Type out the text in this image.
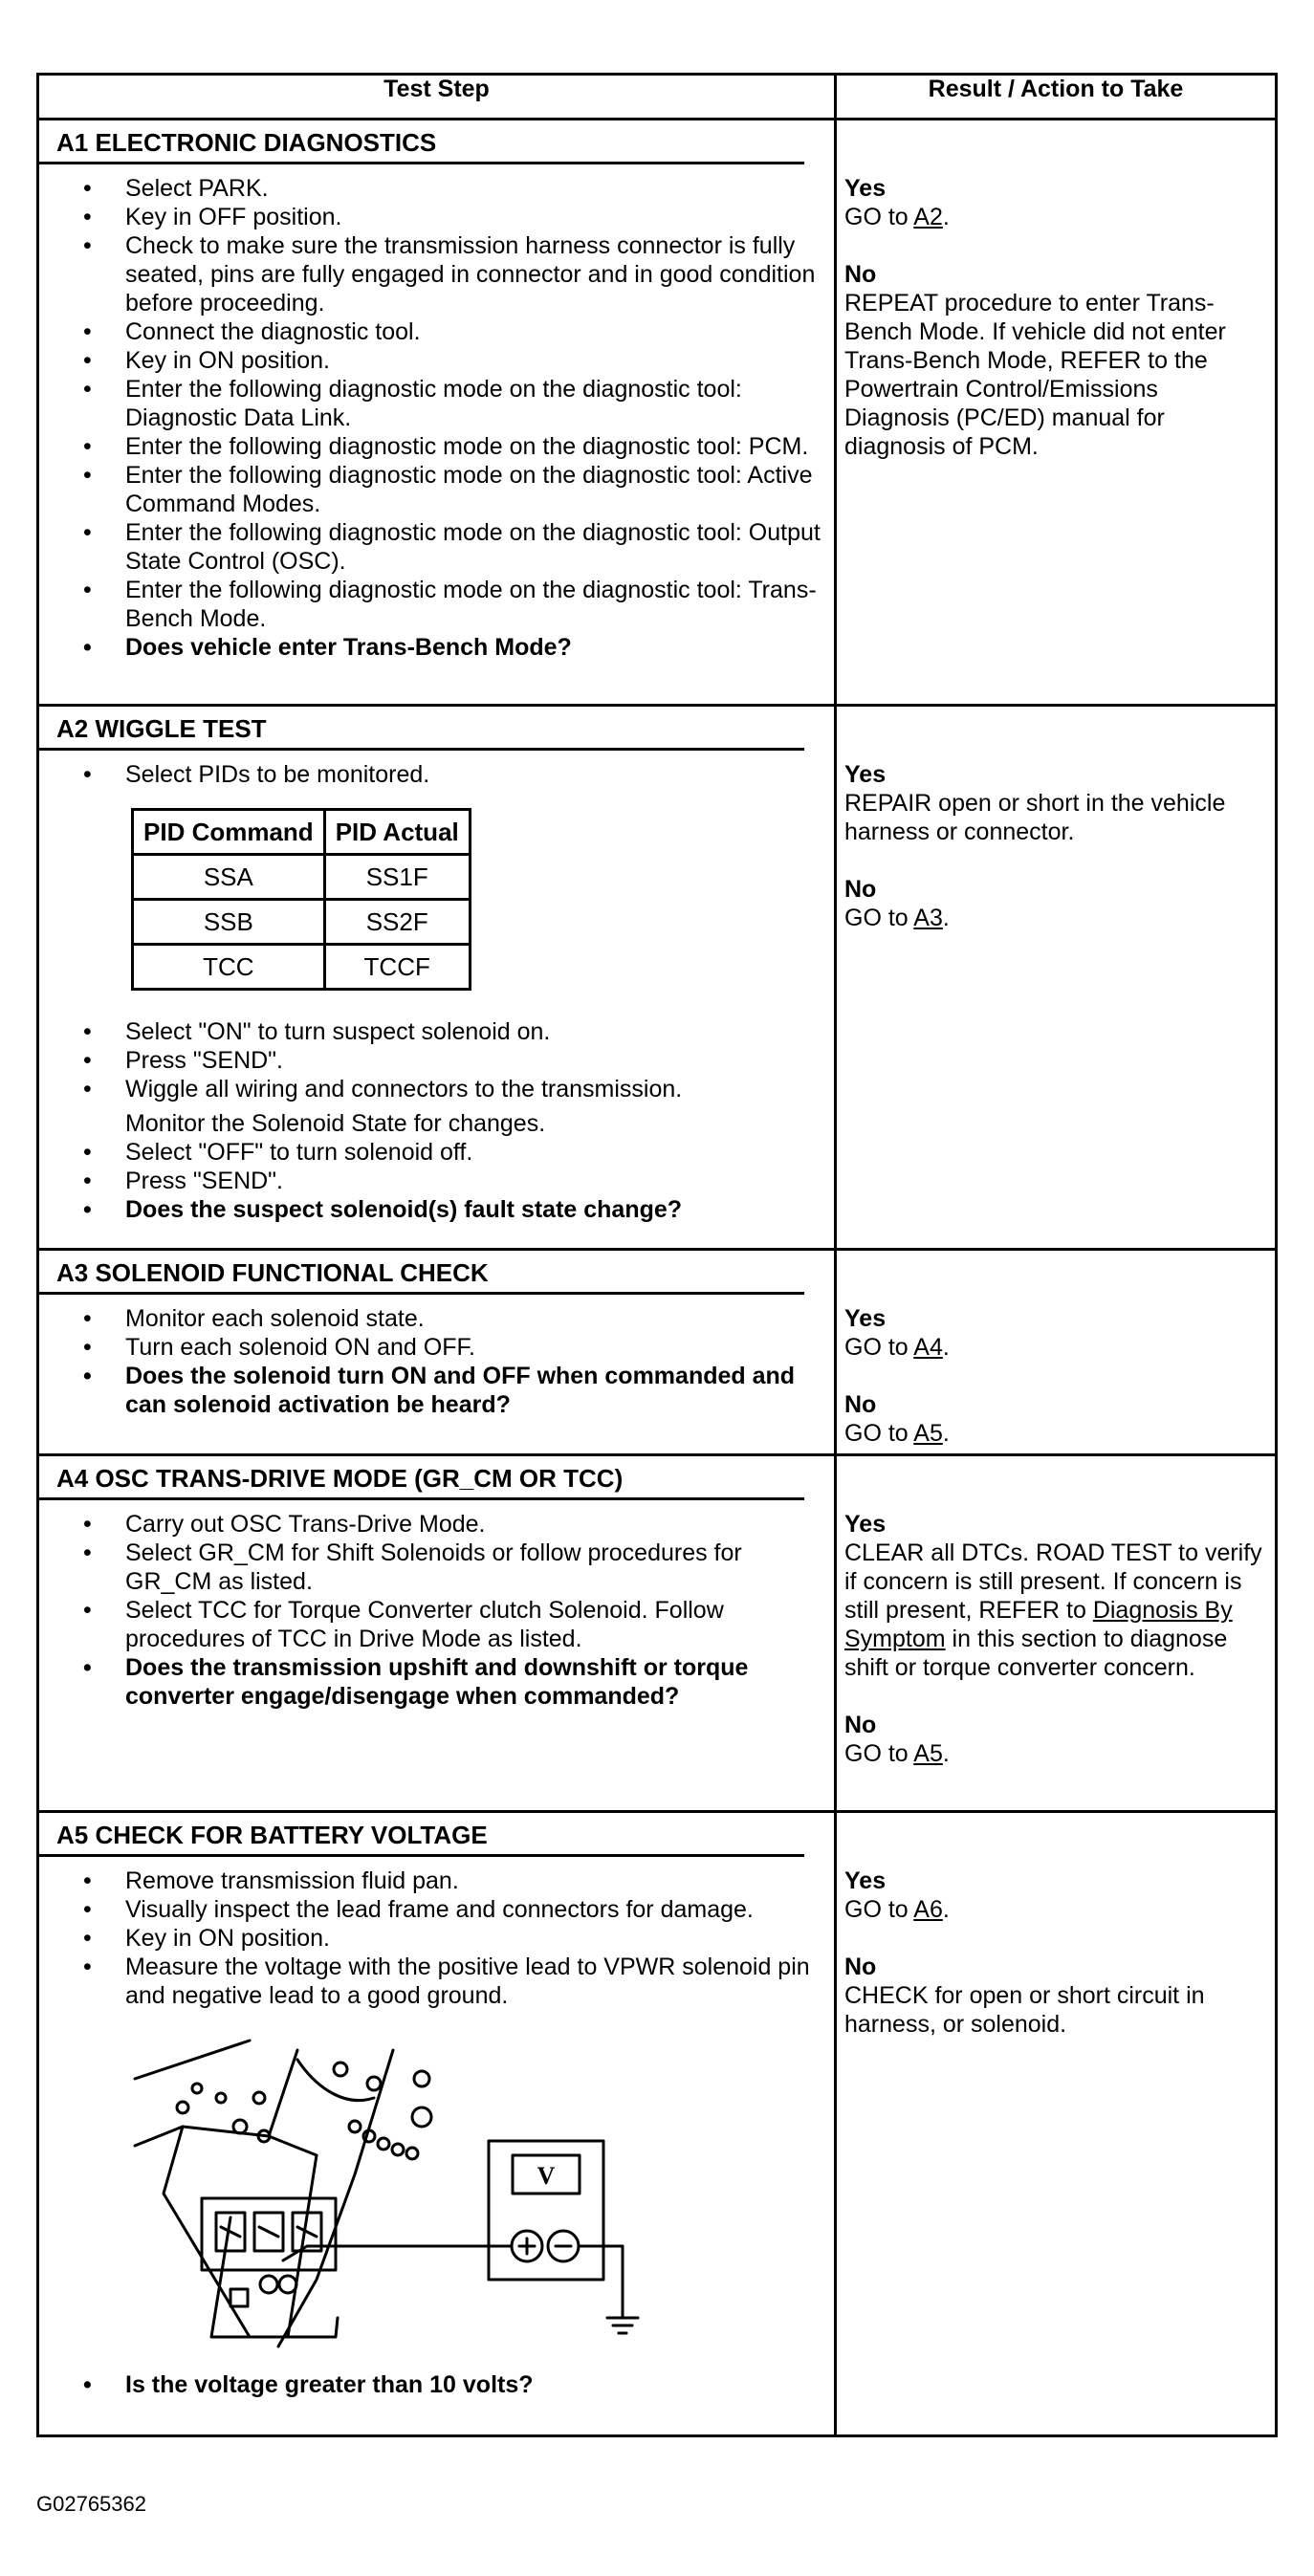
Test Step	Result / Action to Take

A1 ELECTRONIC DIAGNOSTICS
• Select PARK.
• Key in OFF position.
• Check to make sure the transmission harness connector is fully seated, pins are fully engaged in connector and in good condition before proceeding.
• Connect the diagnostic tool.
• Key in ON position.
• Enter the following diagnostic mode on the diagnostic tool: Diagnostic Data Link.
• Enter the following diagnostic mode on the diagnostic tool: PCM.
• Enter the following diagnostic mode on the diagnostic tool: Active Command Modes.
• Enter the following diagnostic mode on the diagnostic tool: Output State Control (OSC).
• Enter the following diagnostic mode on the diagnostic tool: Trans-Bench Mode.
• Does vehicle enter Trans-Bench Mode?

Yes
GO to A2.
No
REPEAT procedure to enter Trans-Bench Mode. If vehicle did not enter Trans-Bench Mode, REFER to the Powertrain Control/Emissions Diagnosis (PC/ED) manual for diagnosis of PCM.

A2 WIGGLE TEST
• Select PIDs to be monitored.
PID Command	PID Actual
SSA	SS1F
SSB	SS2F
TCC	TCCF
• Select "ON" to turn suspect solenoid on.
• Press "SEND".
• Wiggle all wiring and connectors to the transmission.
Monitor the Solenoid State for changes.
• Select "OFF" to turn solenoid off.
• Press "SEND".
• Does the suspect solenoid(s) fault state change?

Yes
REPAIR open or short in the vehicle harness or connector.
No
GO to A3.

A3 SOLENOID FUNCTIONAL CHECK
• Monitor each solenoid state.
• Turn each solenoid ON and OFF.
• Does the solenoid turn ON and OFF when commanded and can solenoid activation be heard?

Yes
GO to A4.
No
GO to A5.

A4 OSC TRANS-DRIVE MODE (GR_CM OR TCC)
• Carry out OSC Trans-Drive Mode.
• Select GR_CM for Shift Solenoids or follow procedures for GR_CM as listed.
• Select TCC for Torque Converter clutch Solenoid. Follow procedures of TCC in Drive Mode as listed.
• Does the transmission upshift and downshift or torque converter engage/disengage when commanded?

Yes
CLEAR all DTCs. ROAD TEST to verify if concern is still present. If concern is still present, REFER to Diagnosis By Symptom in this section to diagnose shift or torque converter concern.
No
GO to A5.

A5 CHECK FOR BATTERY VOLTAGE
• Remove transmission fluid pan.
• Visually inspect the lead frame and connectors for damage.
• Key in ON position.
• Measure the voltage with the positive lead to VPWR solenoid pin and negative lead to a good ground.
V
• Is the voltage greater than 10 volts?

Yes
GO to A6.
No
CHECK for open or short circuit in harness, or solenoid.
G02765362
